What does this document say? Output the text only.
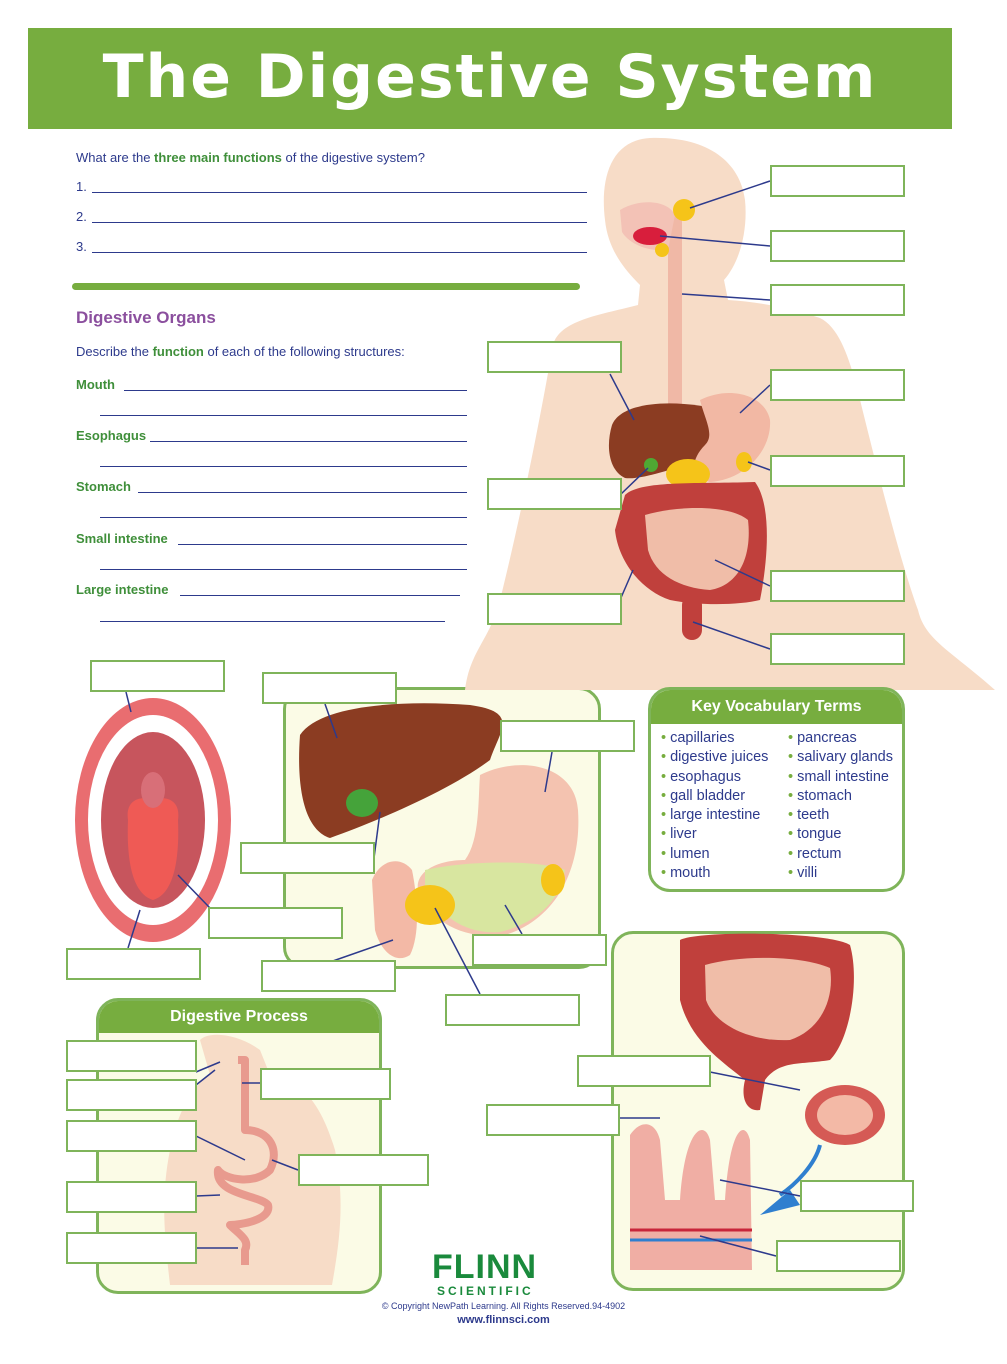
The Digestive System
What are the three main functions of the digestive system?
1.
2.
3.
Digestive Organs
Describe the function of each of the following structures:
Mouth
Esophagus
Stomach
Small intestine
Large intestine
Digestive Process
Key Vocabulary Terms
• capillaries
• digestive juices
• esophagus
• gall bladder
• large intestine
• liver
• lumen
• mouth
• pancreas
• salivary glands
• small intestine
• stomach
• teeth
• tongue
• rectum
• villi
FLINN
SCIENTIFIC
© Copyright NewPath Learning. All Rights Reserved.94-4902
www.flinnsci.com
